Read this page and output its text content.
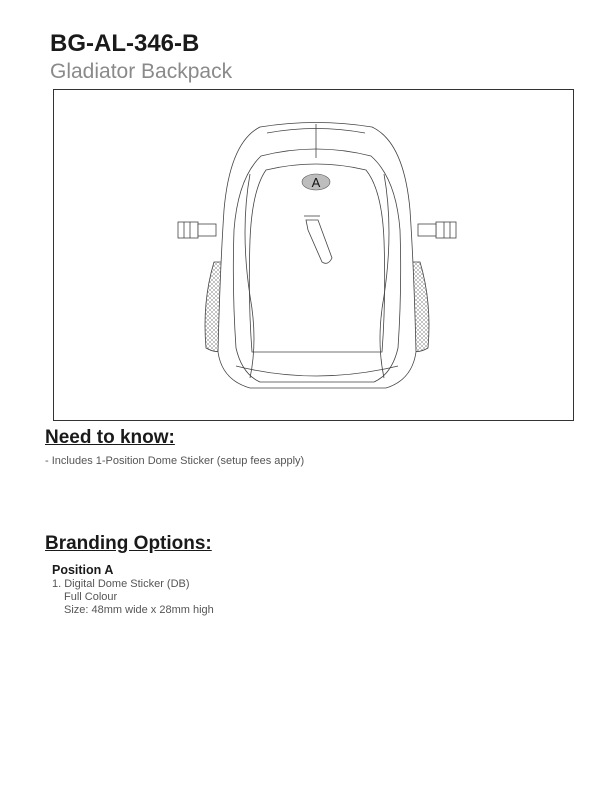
BG-AL-346-B
Gladiator Backpack
A
Need to know:
- Includes 1-Position Dome Sticker (setup fees apply)
Branding Options:
Position A
1. Digital Dome Sticker (DB)
Full Colour
Size: 48mm wide x 28mm high
